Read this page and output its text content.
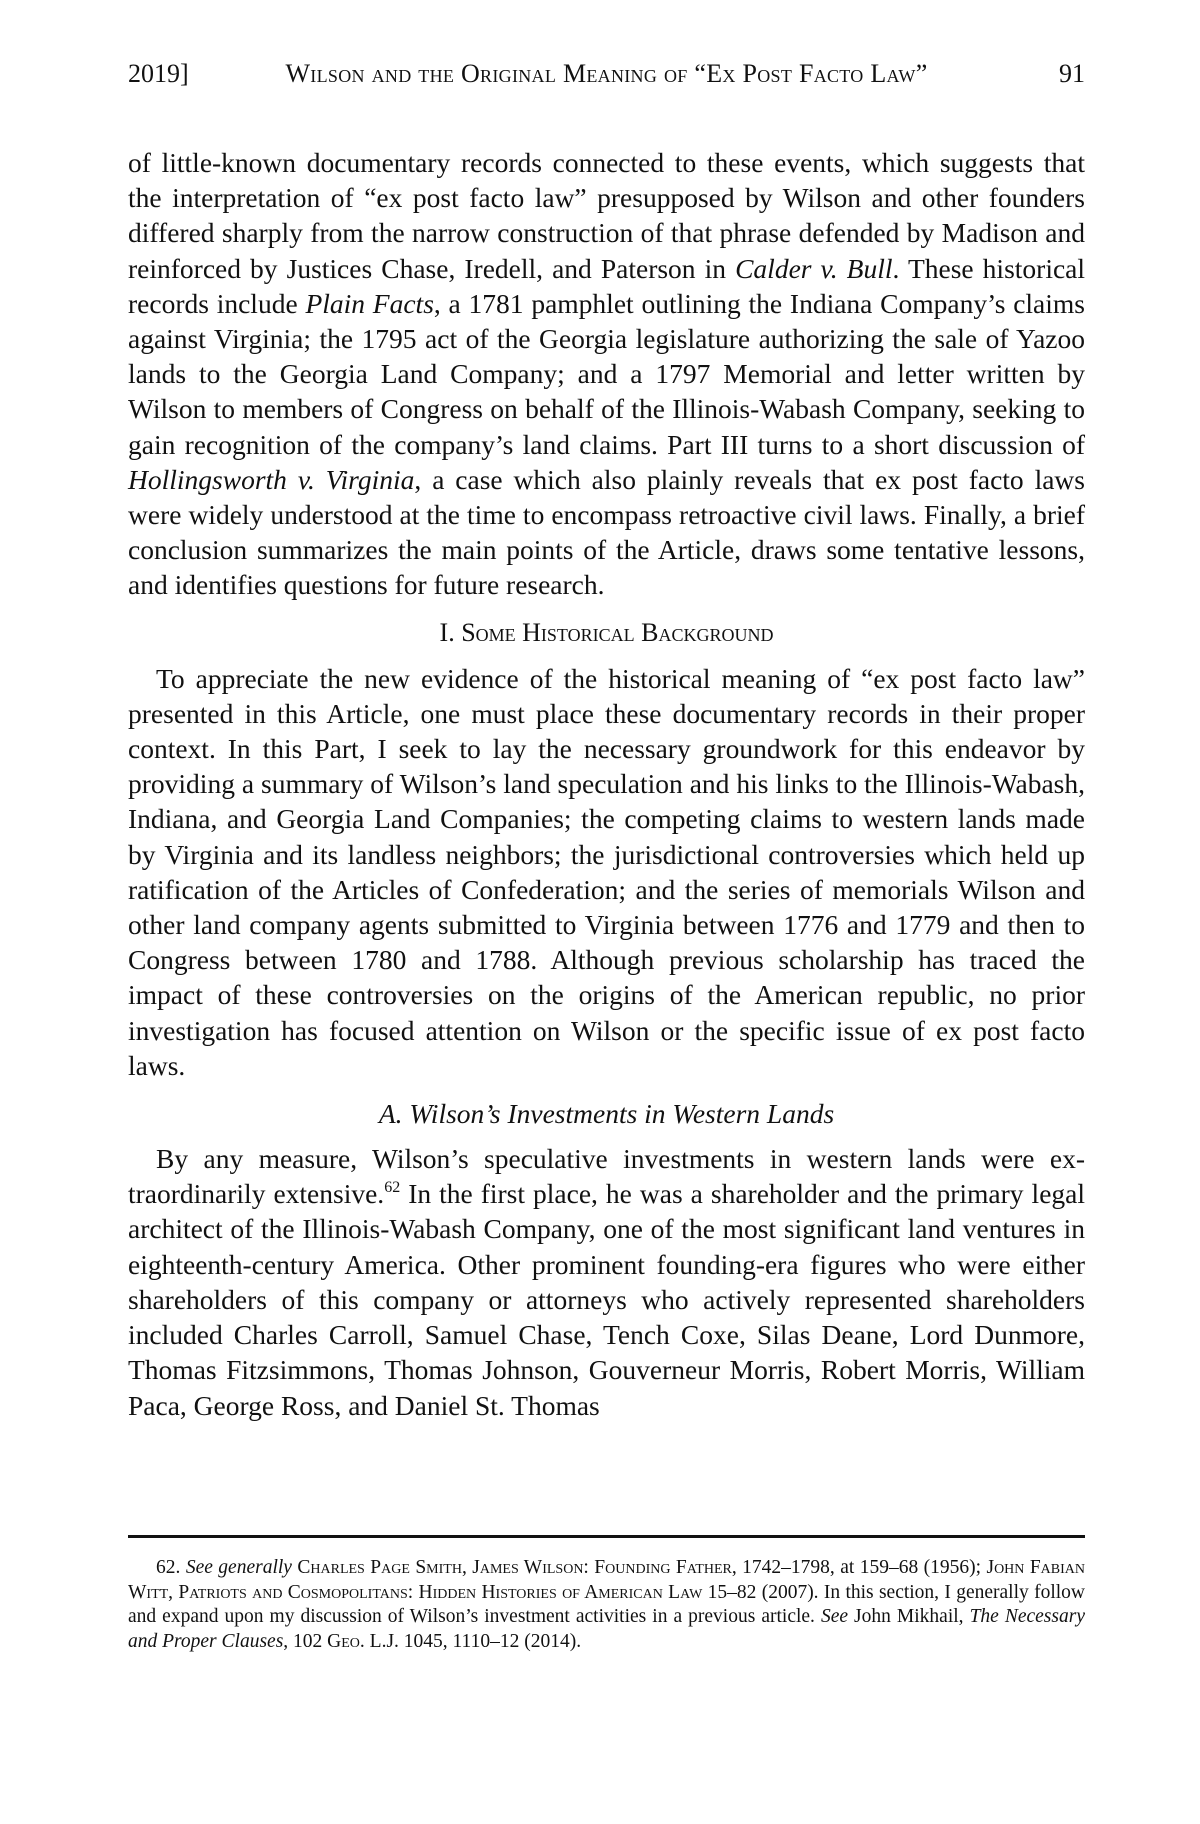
2019]	Wilson and the Original Meaning of “Ex Post Facto Law”	91

of little-known documentary records connected to these events, which suggests that the interpretation of “ex post facto law” presupposed by Wilson and other founders differed sharply from the narrow construction of that phrase defended by Madison and reinforced by Justices Chase, Iredell, and Paterson in Calder v. Bull. These historical records include Plain Facts, a 1781 pamphlet outlining the Indiana Company’s claims against Virginia; the 1795 act of the Georgia legislature authorizing the sale of Yazoo lands to the Georgia Land Company; and a 1797 Memorial and letter written by Wilson to members of Congress on behalf of the Illinois-Wabash Company, seeking to gain recognition of the company’s land claims. Part III turns to a short discussion of Hollingsworth v. Virginia, a case which also plainly reveals that ex post facto laws were widely understood at the time to encompass retroactive civil laws. Finally, a brief conclusion summarizes the main points of the Article, draws some tentative lessons, and identifies questions for future research.

I. Some Historical Background

To appreciate the new evidence of the historical meaning of “ex post facto law” presented in this Article, one must place these documentary records in their proper context. In this Part, I seek to lay the necessary groundwork for this endeavor by providing a summary of Wilson’s land speculation and his links to the Illinois-Wabash, Indiana, and Georgia Land Companies; the competing claims to western lands made by Virginia and its landless neighbors; the jurisdictional controversies which held up ratification of the Articles of Confederation; and the series of memorials Wilson and other land company agents submitted to Virginia between 1776 and 1779 and then to Congress between 1780 and 1788. Although previous scholarship has traced the impact of these controversies on the origins of the American republic, no prior investigation has focused attention on Wilson or the specific issue of ex post facto laws.

A. Wilson’s Investments in Western Lands

By any measure, Wilson’s speculative investments in western lands were extraordinarily extensive.$^{62}$ In the first place, he was a shareholder and the primary legal architect of the Illinois-Wabash Company, one of the most significant land ventures in eighteenth-century America. Other prominent founding-era figures who were either shareholders of this company or attorneys who actively represented shareholders included Charles Carroll, Samuel Chase, Tench Coxe, Silas Deane, Lord Dunmore, Thomas Fitzsimmons, Thomas Johnson, Gouverneur Morris, Robert Morris, William Paca, George Ross, and Daniel St. Thomas

62. See generally Charles Page Smith, James Wilson: Founding Father, 1742–1798, at 159–68 (1956); John Fabian Witt, Patriots and Cosmopolitans: Hidden Histories of American Law 15–82 (2007). In this section, I generally follow and expand upon my discussion of Wilson’s investment activities in a previous article. See John Mikhail, The Necessary and Proper Clauses, 102 Geo. L.J. 1045, 1110–12 (2014).
